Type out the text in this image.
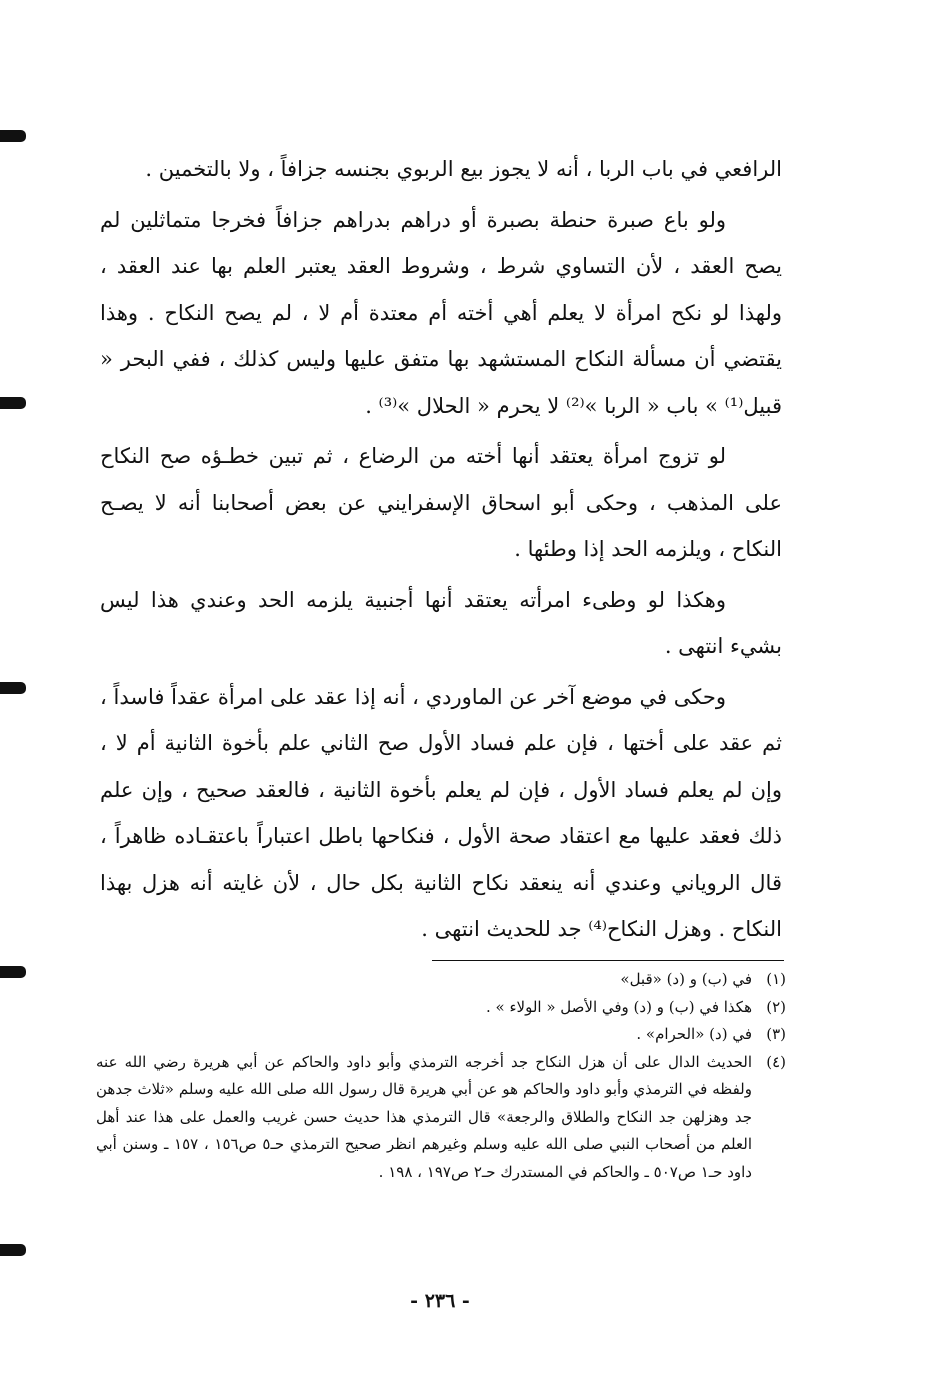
الرافعي في باب الربا ، أنه لا يجوز بيع الربوي بجنسه جزافاً ، ولا بالتخمين .

ولو باع صبرة حنطة بصبرة أو دراهم بدراهم جزافاً فخرجا متماثلين لم يصح العقد ، لأن التساوي شرط ، وشروط العقد يعتبر العلم بها عند العقد ، ولهذا لو نكح امرأة لا يعلم أهي أخته أم معتدة أم لا ، لم يصح النكاح . وهذا يقتضي أن مسألة النكاح المستشهد بها متفق عليها وليس كذلك ، ففي البحر « قبيل⁽¹⁾ » باب « الربا »⁽²⁾ لا يحرم « الحلال »⁽³⁾ .

لو تزوج امرأة يعتقد أنها أخته من الرضاع ، ثم تبين خطـؤه صح النكاح على المذهب ، وحكى أبو اسحاق الإسفرايني عن بعض أصحابنا أنه لا يصـح النكاح ، ويلزمه الحد إذا وطئها .

وهكذا لو وطىء امرأته يعتقد أنها أجنبية يلزمه الحد وعندي هذا ليس بشيء انتهى .

وحكى في موضع آخر عن الماوردي ، أنه إذا عقد على امرأة عقداً فاسداً ، ثم عقد على أختها ، فإن علم فساد الأول صح الثاني علم بأخوة الثانية أم لا ، وإن لم يعلم فساد الأول ، فإن لم يعلم بأخوة الثانية ، فالعقد صحيح ، وإن علم ذلك فعقد عليها مع اعتقاد صحة الأول ، فنكاحها باطل اعتباراً باعتقـاده ظاهراً ، قال الروياني وعندي أنه ينعقد نكاح الثانية بكل حال ، لأن غايته أنه هزل بهذا النكاح . وهزل النكاح⁽⁴⁾ جد للحديث انتهى .

(١)في (ب) و (د) «قبل»

(٢)هكذا في (ب) و (د) وفي الأصل « الولاء » .

(٣)في (د) «الحرام» .

(٤)الحديث الدال على أن هزل النكاح جد أخرجه الترمذي وأبو داود والحاكم عن أبي هريرة رضي الله عنه ولفظه في الترمذي وأبو داود والحاكم هو عن أبي هريرة قال رسول الله صلى الله عليه وسلم «ثلاث جدهن جد وهزلهن جد النكاح والطلاق والرجعة» قال الترمذي هذا حديث حسن غريب والعمل على هذا عند أهل العلم من أصحاب النبي صلى الله عليه وسلم وغيرهم انظر صحيح الترمذي حـ٥ ص١٥٦ ، ١٥٧ ـ وسنن أبي داود حـ١ ص٥٠٧ ـ والحاكم في المستدرك حـ٢ ص١٩٧ ، ١٩٨ .

- ٢٣٦ -
